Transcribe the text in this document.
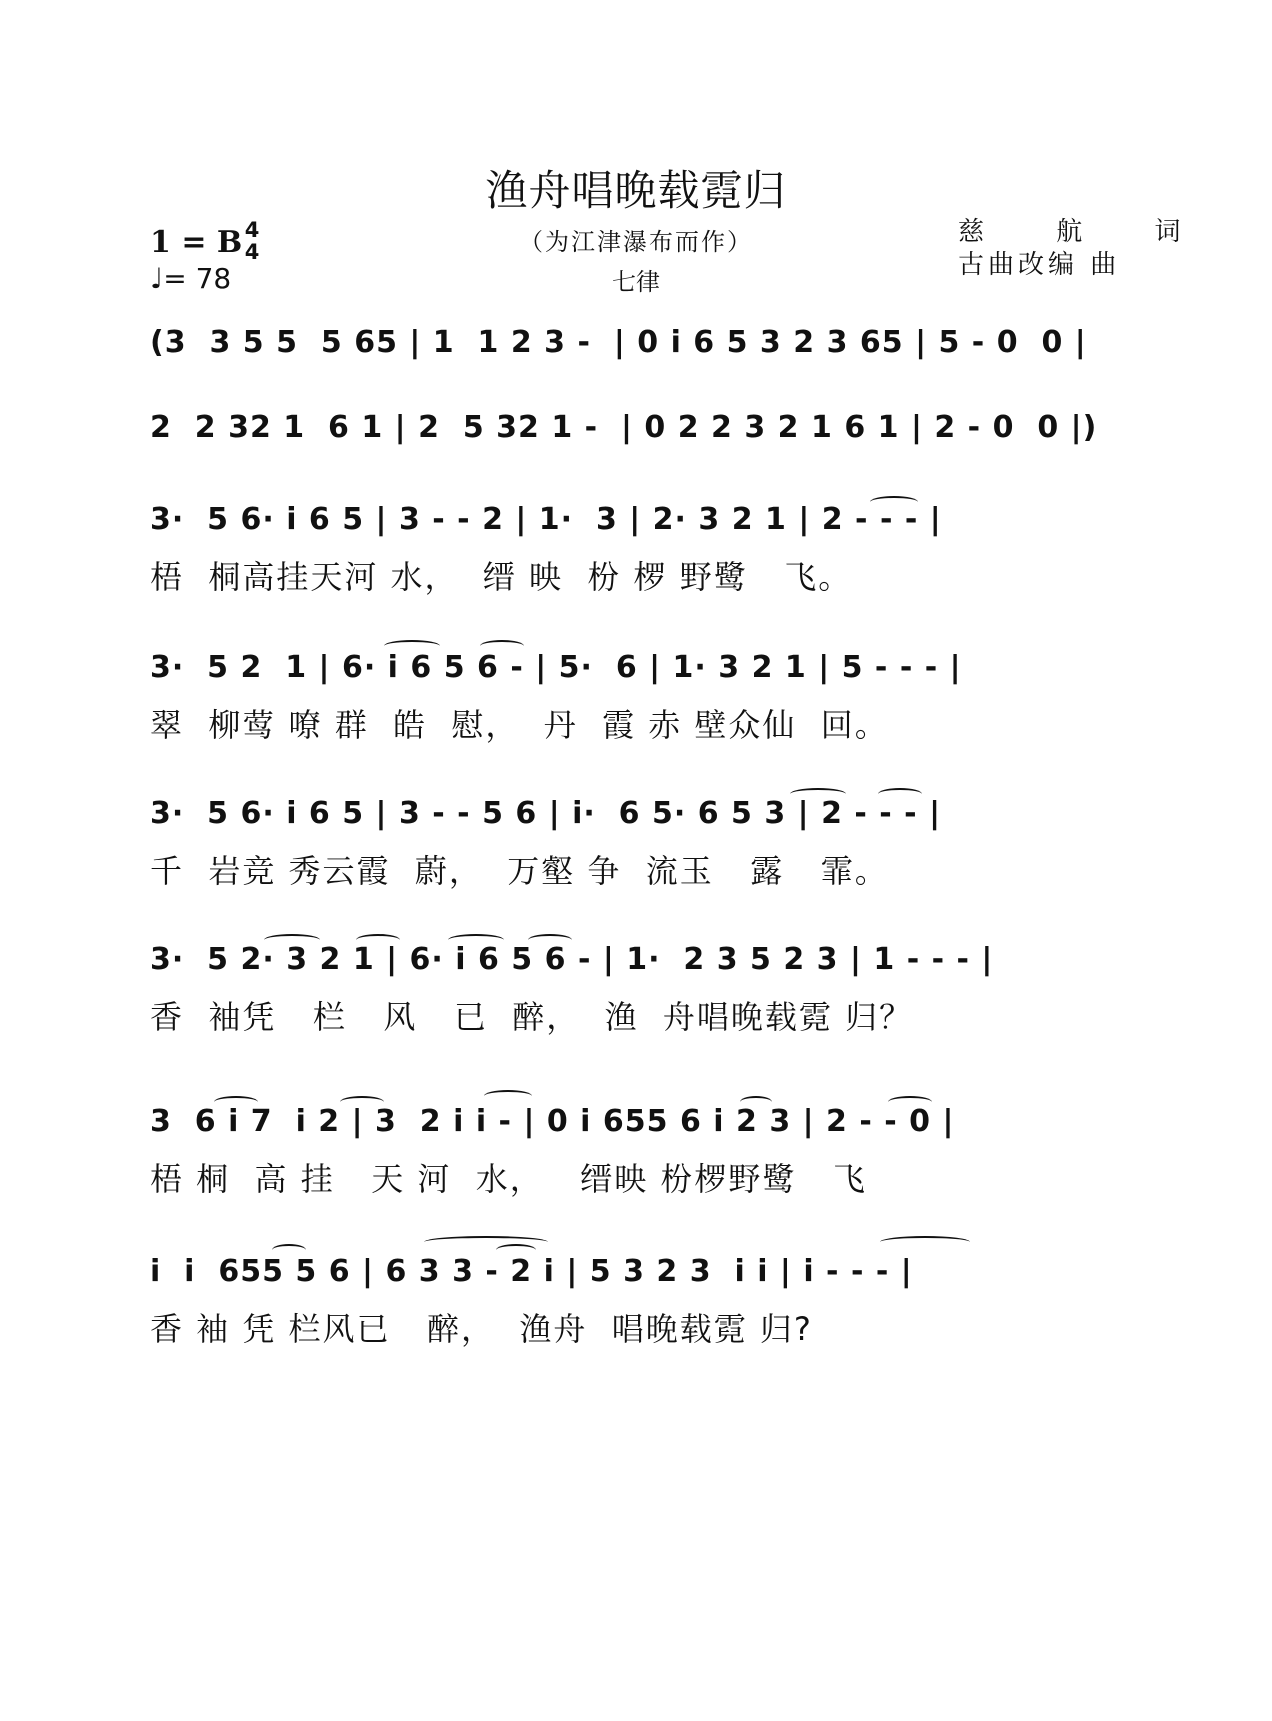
渔舟唱晚载霓归
（为江津瀑布而作）
七律
1 = B 4
4
♩= 78
慈 航 词
古曲改编 曲
(3  3 5 5  5 65 | 1  1 2 3 -  | 0 i 6 5 3 2 3 65 | 5 - 0  0 |
2  2 32 1  6 1 | 2  5 32 1 -  | 0 2 2 3 2 1 6 1 | 2 - 0  0 |)
3·  5 6· i 6 5 | 3 - - 2 | 1·  3 | 2· 3 2 1 | 2 - - - |
梧  桐高挂天河 水，  缙 映  枌 椤 野鹭   飞。
3·  5 2  1 | 6· i 6 5 6 - | 5·  6 | 1· 3 2 1 | 5 - - - |
翠  柳莺 嘹 群  皓  慰，  丹  霞 赤 壁众仙  回。
3·  5 6· i 6 5 | 3 - - 5 6 | i·  6 5· 6 5 3 | 2 - - - |
千  岩竞 秀云霞  蔚，  万壑 争  流玉   露   霏。
3·  5 2· 3 2 1 | 6· i 6 5 6 - | 1·  2 3 5 2 3 | 1 - - - |
香  袖凭   栏   风   已  醉，  渔  舟唱晚载霓 归？
3  6 i 7  i 2 | 3  2 i i - | 0 i 655 6 i 2 3 | 2 - - 0 |
梧 桐  高 挂   天 河  水，   缙映 枌椤野鹭   飞
i  i  655 5 6 | 6 3 3 - 2 i | 5 3 2 3  i i | i - - - |
香 袖 凭 栏风已   醉，  渔舟  唱晚载霓 归?
